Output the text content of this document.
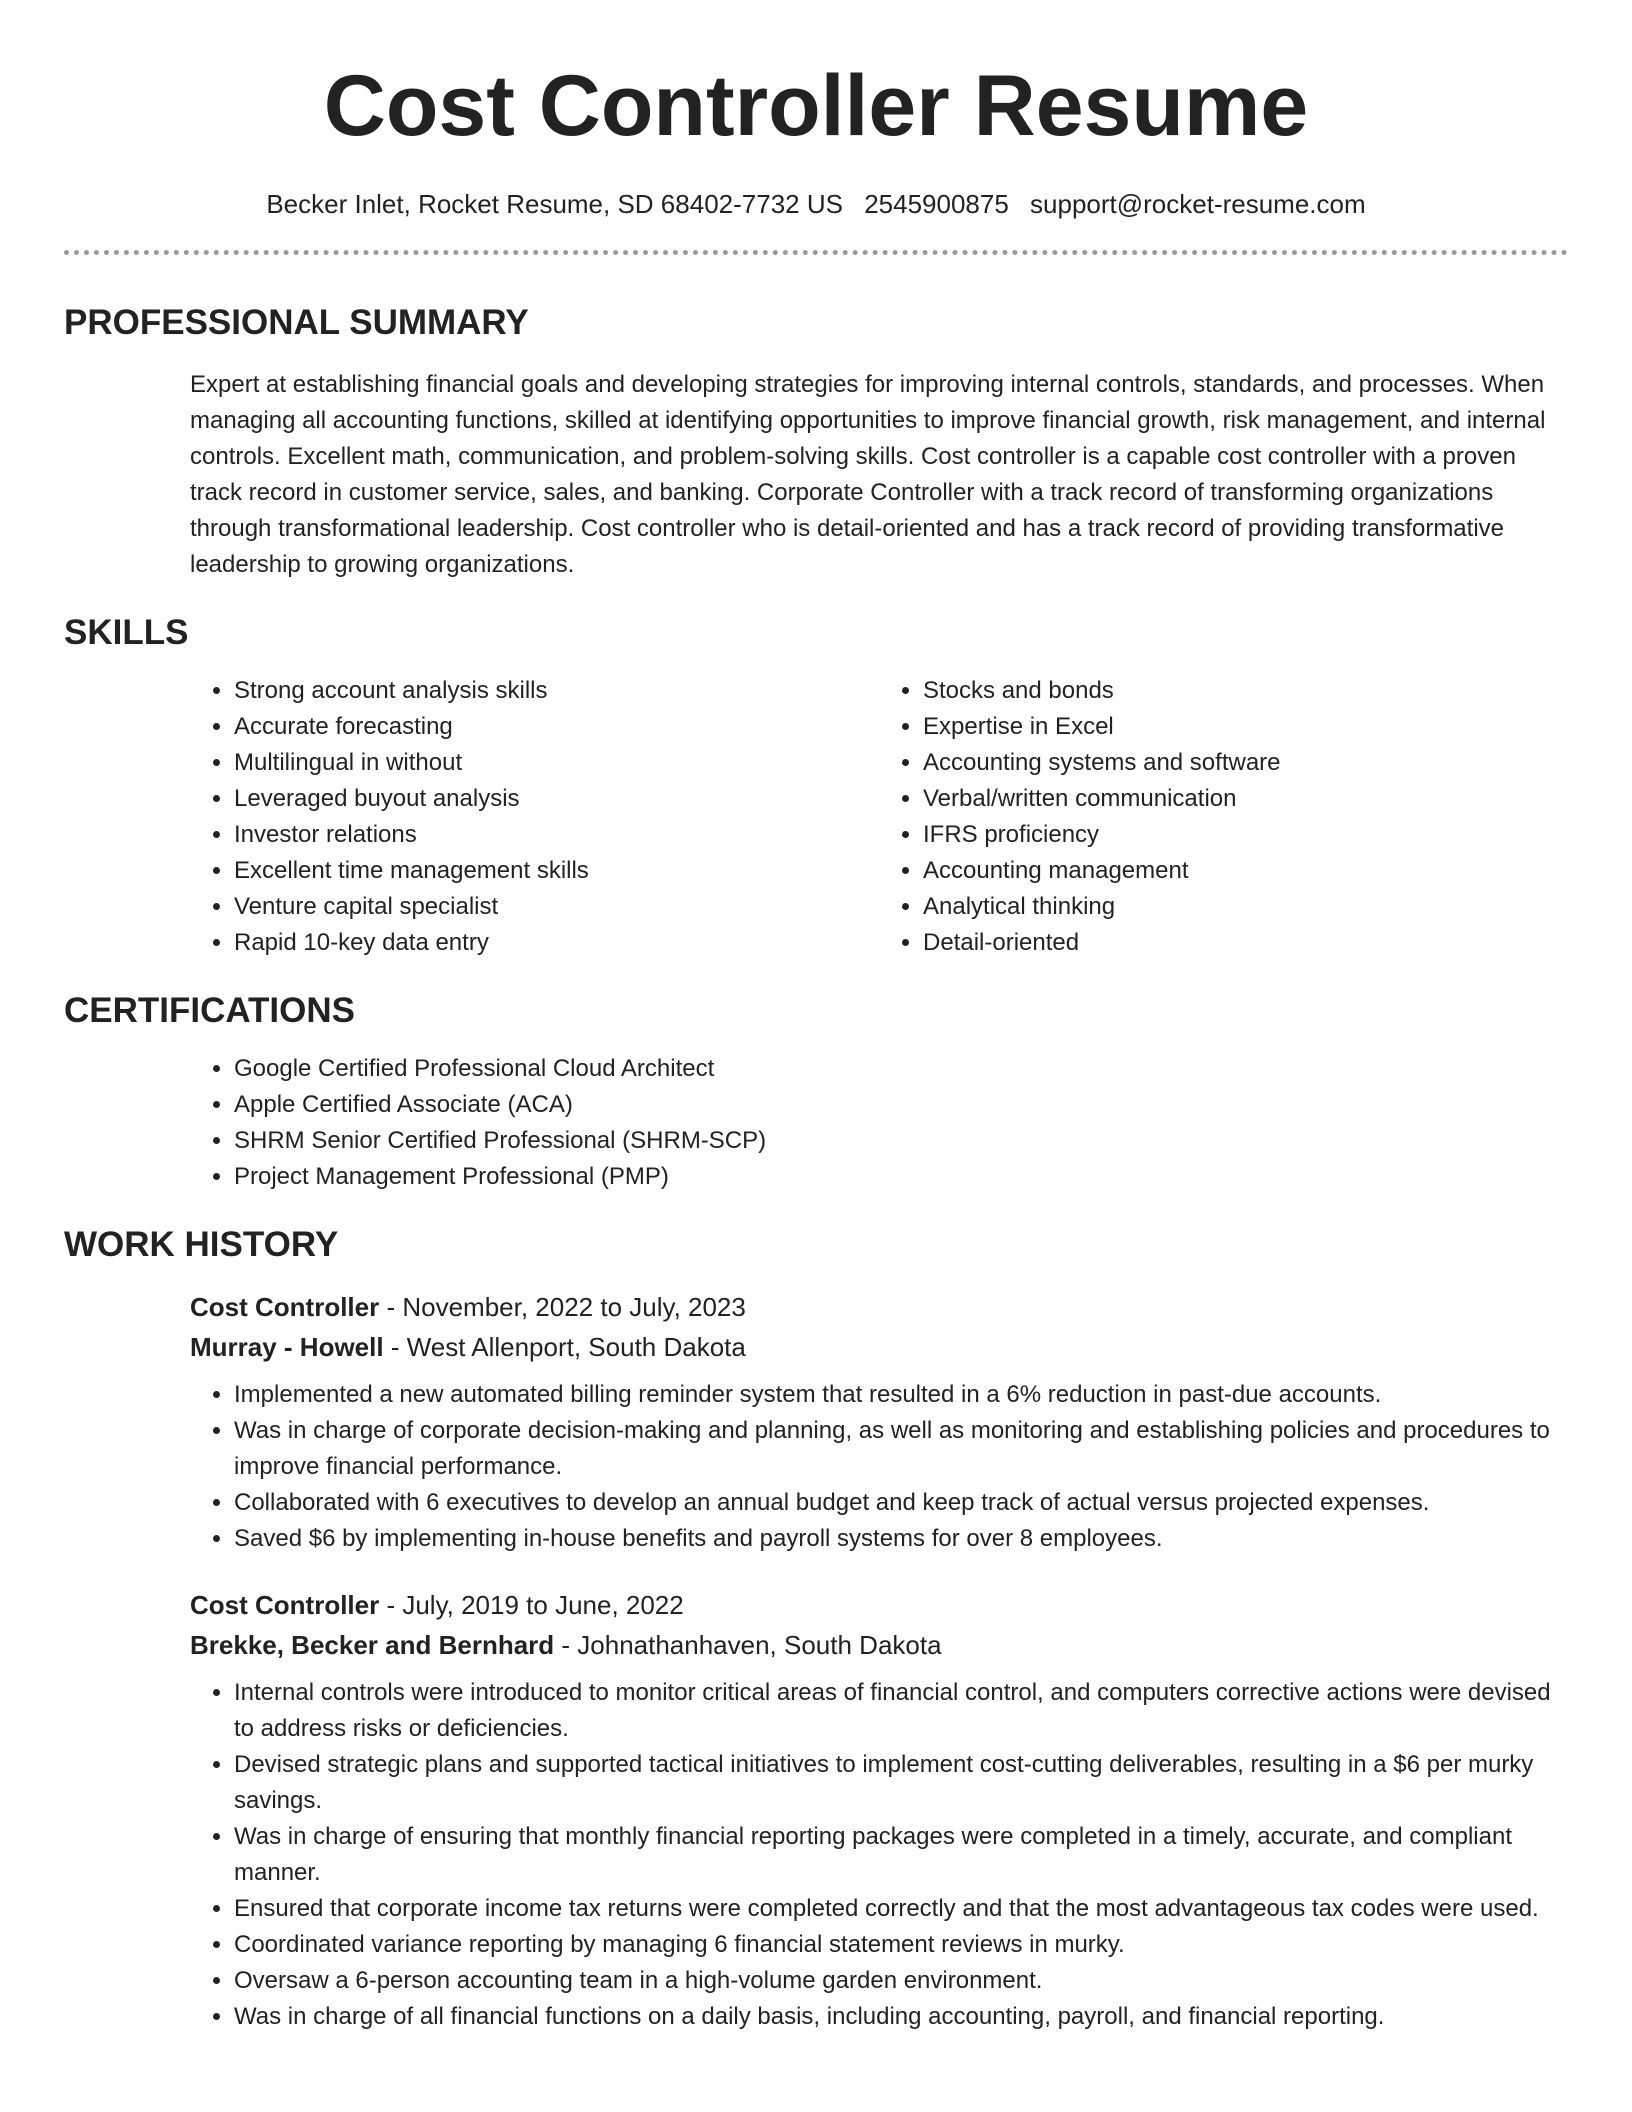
Cost Controller Resume
Becker Inlet, Rocket Resume, SD 68402-7732 US 2545900875 support@rocket-resume.com
PROFESSIONAL SUMMARY
Expert at establishing financial goals and developing strategies for improving internal controls, standards, and processes. When managing all accounting functions, skilled at identifying opportunities to improve financial growth, risk management, and internal controls. Excellent math, communication, and problem-solving skills. Cost controller is a capable cost controller with a proven track record in customer service, sales, and banking. Corporate Controller with a track record of transforming organizations through transformational leadership. Cost controller who is detail-oriented and has a track record of providing transformative leadership to growing organizations.
SKILLS
• Strong account analysis skills
• Accurate forecasting
• Multilingual in without
• Leveraged buyout analysis
• Investor relations
• Excellent time management skills
• Venture capital specialist
• Rapid 10-key data entry
• Stocks and bonds
• Expertise in Excel
• Accounting systems and software
• Verbal/written communication
• IFRS proficiency
• Accounting management
• Analytical thinking
• Detail-oriented
CERTIFICATIONS
• Google Certified Professional Cloud Architect
• Apple Certified Associate (ACA)
• SHRM Senior Certified Professional (SHRM-SCP)
• Project Management Professional (PMP)
WORK HISTORY
Cost Controller - November, 2022 to July, 2023
Murray - Howell - West Allenport, South Dakota
• Implemented a new automated billing reminder system that resulted in a 6% reduction in past-due accounts.
• Was in charge of corporate decision-making and planning, as well as monitoring and establishing policies and procedures to improve financial performance.
• Collaborated with 6 executives to develop an annual budget and keep track of actual versus projected expenses.
• Saved $6 by implementing in-house benefits and payroll systems for over 8 employees.
Cost Controller - July, 2019 to June, 2022
Brekke, Becker and Bernhard - Johnathanhaven, South Dakota
• Internal controls were introduced to monitor critical areas of financial control, and computers corrective actions were devised to address risks or deficiencies.
• Devised strategic plans and supported tactical initiatives to implement cost-cutting deliverables, resulting in a $6 per murky savings.
• Was in charge of ensuring that monthly financial reporting packages were completed in a timely, accurate, and compliant manner.
• Ensured that corporate income tax returns were completed correctly and that the most advantageous tax codes were used.
• Coordinated variance reporting by managing 6 financial statement reviews in murky.
• Oversaw a 6-person accounting team in a high-volume garden environment.
• Was in charge of all financial functions on a daily basis, including accounting, payroll, and financial reporting.
